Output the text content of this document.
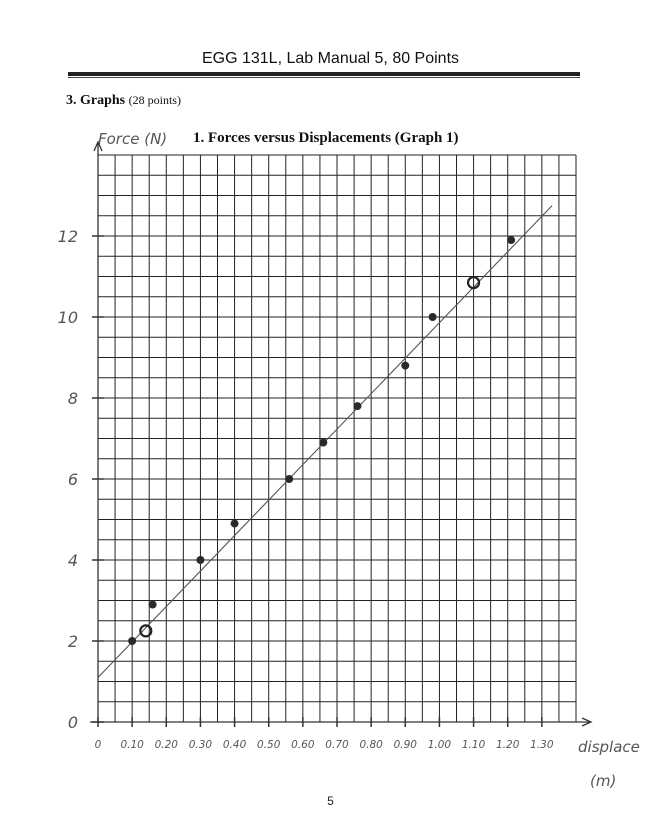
EGG 131L, Lab Manual 5, 80 Points
3. Graphs (28 points)
1. Forces versus Displacements (Graph 1)
Force (N)
0 0.10 0.20 0.30 0.40 0.50 0.60 0.70 0.80 0.90 1.00 1.10 1.20 1.30
0
2
4
6
8
10
12
displace
(m)
5
